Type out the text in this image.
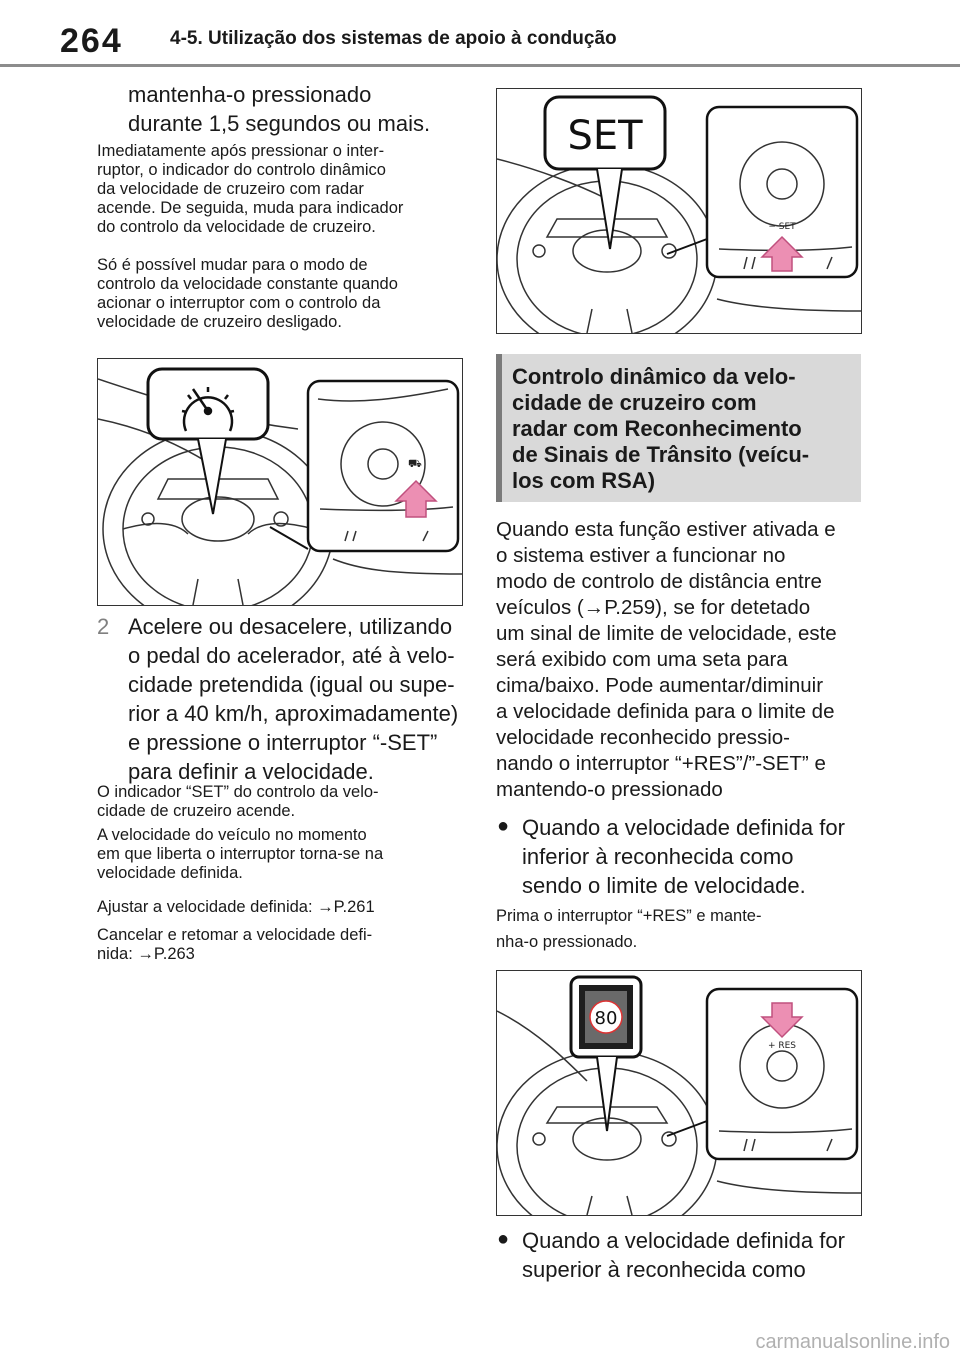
264 4-5. Utilização dos sistemas de apoio à condução
mantenha-o pressionado
durante 1,5 segundos ou mais.
Imediatamente após pressionar o inter-
ruptor, o indicador do controlo dinâmico
da velocidade de cruzeiro com radar
acende. De seguida, muda para indicador
do controlo da velocidade de cruzeiro.
Só é possível mudar para o modo de
controlo da velocidade constante quando
acionar o interruptor com o controlo da
velocidade de cruzeiro desligado.
⛟
2 Acelere ou desacelere, utilizando
o pedal do acelerador, até à velo-
cidade pretendida (igual ou supe-
rior a 40 km/h, aproximadamente)
e pressione o interruptor “-SET”
para definir a velocidade.
O indicador “SET” do controlo da velo-
cidade de cruzeiro acende.
A velocidade do veículo no momento
em que liberta o interruptor torna-se na
velocidade definida.
Ajustar a velocidade definida: →P.261
Cancelar e retomar a velocidade defi-
nida: →P.263
SET
− SET
Controlo dinâmico da velo-
cidade de cruzeiro com
radar com Reconhecimento
de Sinais de Trânsito (veícu-
los com RSA)
Quando esta função estiver ativada e
o sistema estiver a funcionar no
modo de controlo de distância entre
veículos (→P.259), se for detetado
um sinal de limite de velocidade, este
será exibido com uma seta para
cima/baixo. Pode aumentar/diminuir
a velocidade definida para o limite de
velocidade reconhecido pressio-
nando o interruptor “+RES”/”-SET” e
mantendo-o pressionado
● Quando a velocidade definida for
inferior à reconhecida como
sendo o limite de velocidade.
Prima o interruptor “+RES” e mante-
nha-o pressionado.
80
+ RES
● Quando a velocidade definida for
superior à reconhecida como
carmanualsonline.info
